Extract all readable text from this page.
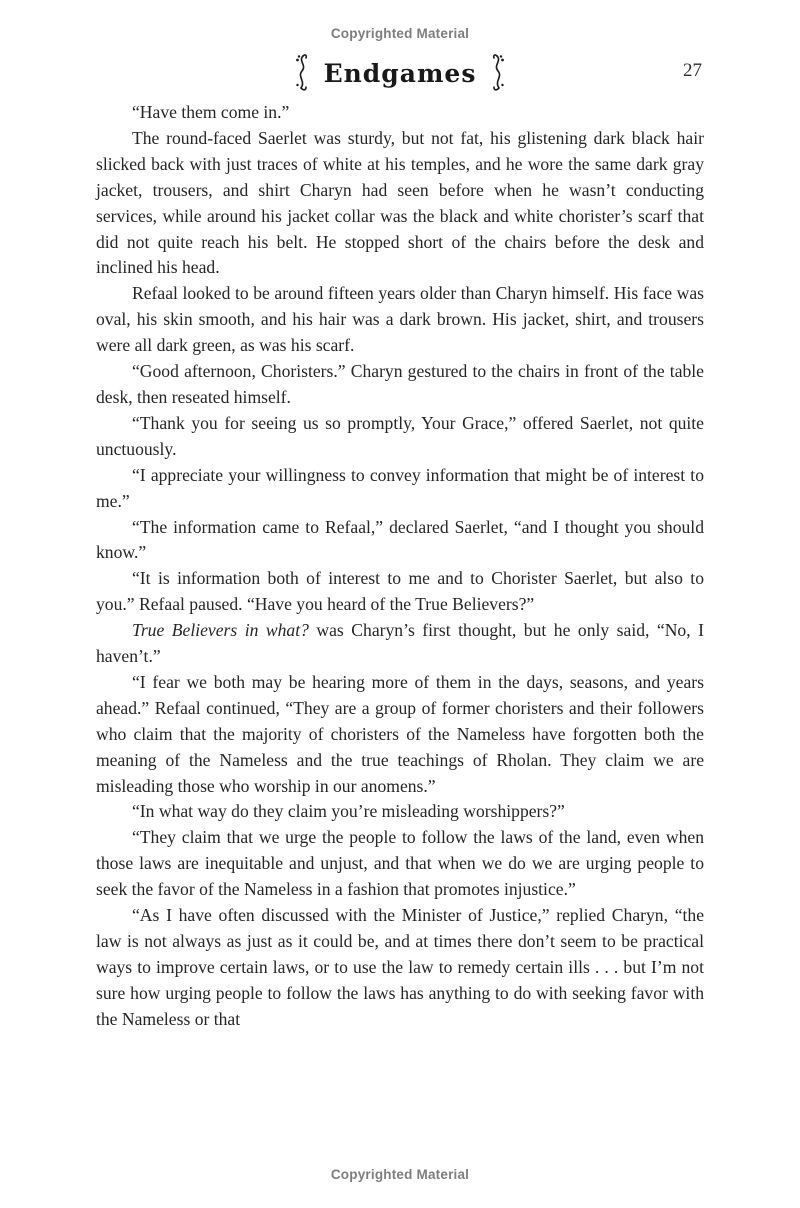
Copyrighted Material
Endgames	27

“Have them come in.”

The round-faced Saerlet was sturdy, but not fat, his glistening dark black hair slicked back with just traces of white at his temples, and he wore the same dark gray jacket, trousers, and shirt Charyn had seen before when he wasn’t conducting services, while around his jacket collar was the black and white chorister’s scarf that did not quite reach his belt. He stopped short of the chairs before the desk and inclined his head.

Refaal looked to be around fifteen years older than Charyn himself. His face was oval, his skin smooth, and his hair was a dark brown. His jacket, shirt, and trousers were all dark green, as was his scarf.

“Good afternoon, Choristers.” Charyn gestured to the chairs in front of the table desk, then reseated himself.

“Thank you for seeing us so promptly, Your Grace,” offered Saerlet, not quite unctuously.

“I appreciate your willingness to convey information that might be of interest to me.”

“The information came to Refaal,” declared Saerlet, “and I thought you should know.”

“It is information both of interest to me and to Chorister Saerlet, but also to you.” Refaal paused. “Have you heard of the True Believers?”

True Believers in what? was Charyn’s first thought, but he only said, “No, I haven’t.”

“I fear we both may be hearing more of them in the days, seasons, and years ahead.” Refaal continued, “They are a group of former choristers and their followers who claim that the majority of choristers of the Nameless have forgotten both the meaning of the Nameless and the true teachings of Rholan. They claim we are misleading those who worship in our anomens.”

“In what way do they claim you’re misleading worshippers?”

“They claim that we urge the people to follow the laws of the land, even when those laws are inequitable and unjust, and that when we do we are urging people to seek the favor of the Nameless in a fashion that promotes injustice.”

“As I have often discussed with the Minister of Justice,” replied Charyn, “the law is not always as just as it could be, and at times there don’t seem to be practical ways to improve certain laws, or to use the law to remedy certain ills . . . but I’m not sure how urging people to follow the laws has anything to do with seeking favor with the Nameless or that

Copyrighted Material
